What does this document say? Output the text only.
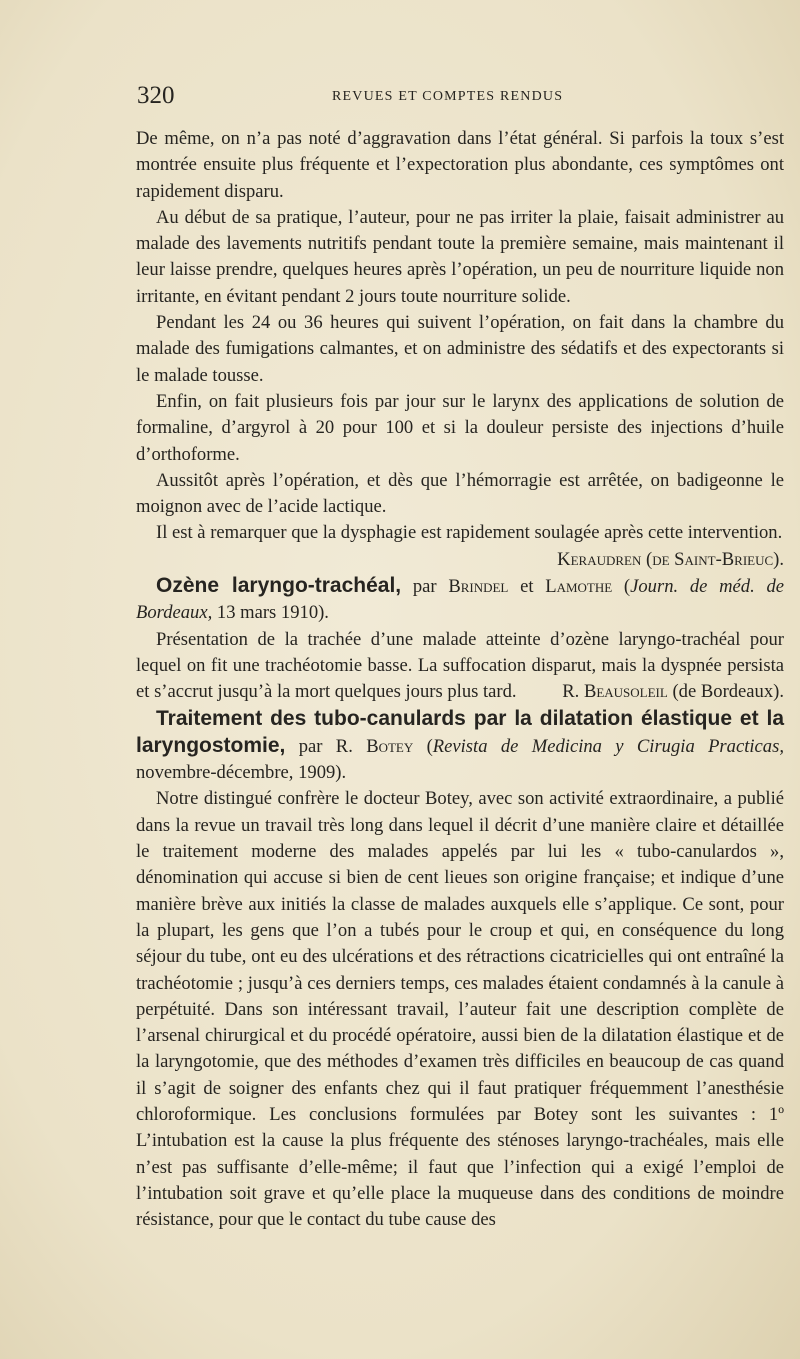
320	REVUES ET COMPTES RENDUS

De même, on n’a pas noté d’aggravation dans l’état général. Si parfois la toux s’est montrée ensuite plus fréquente et l’expectoration plus abondante, ces symptômes ont rapidement disparu.

Au début de sa pratique, l’auteur, pour ne pas irriter la plaie, faisait administrer au malade des lavements nutritifs pendant toute la première semaine, mais maintenant il leur laisse prendre, quelques heures après l’opération, un peu de nourriture liquide non irritante, en évitant pendant 2 jours toute nourriture solide.

Pendant les 24 ou 36 heures qui suivent l’opération, on fait dans la chambre du malade des fumigations calmantes, et on administre des sédatifs et des expectorants si le malade tousse.

Enfin, on fait plusieurs fois par jour sur le larynx des applications de solution de formaline, d’argyrol à 20 pour 100 et si la douleur persiste des injections d’huile d’orthoforme.

Aussitôt après l’opération, et dès que l’hémorragie est arrêtée, on badigeonne le moignon avec de l’acide lactique.

Il est à remarquer que la dysphagie est rapidement soulagée après cette intervention.
Keraudren (de Saint-Brieuc).

Ozène laryngo-trachéal, par Brindel et Lamothe (Journ. de méd. de Bordeaux, 13 mars 1910).

Présentation de la trachée d’une malade atteinte d’ozène laryngo-trachéal pour lequel on fit une trachéotomie basse. La suffocation disparut, mais la dyspnée persista et s’accrut jusqu’à la mort quelques jours plus tard.	R. Beausoleil (de Bordeaux).

Traitement des tubo-canulards par la dilatation élastique et la laryngostomie, par R. Botey (Revista de Medicina y Cirugia Practicas, novembre-décembre, 1909).

Notre distingué confrère le docteur Botey, avec son activité extraordinaire, a publié dans la revue un travail très long dans lequel il décrit d’une manière claire et détaillée le traitement moderne des malades appelés par lui les « tubo-canulardos », dénomination qui accuse si bien de cent lieues son origine française; et indique d’une manière brève aux initiés la classe de malades auxquels elle s’applique. Ce sont, pour la plupart, les gens que l’on a tubés pour le croup et qui, en conséquence du long séjour du tube, ont eu des ulcérations et des rétractions cicatricielles qui ont entraîné la trachéotomie ; jusqu’à ces derniers temps, ces malades étaient condamnés à la canule à perpétuité. Dans son intéressant travail, l’auteur fait une description complète de l’arsenal chirurgical et du procédé opératoire, aussi bien de la dilatation élastique et de la laryngotomie, que des méthodes d’examen très difficiles en beaucoup de cas quand il s’agit de soigner des enfants chez qui il faut pratiquer fréquemment l’anesthésie chloroformique. Les conclusions formulées par Botey sont les suivantes : 1º L’intubation est la cause la plus fréquente des sténoses laryngo-trachéales, mais elle n’est pas suffisante d’elle-même; il faut que l’infection qui a exigé l’emploi de l’intubation soit grave et qu’elle place la muqueuse dans des conditions de moindre résistance, pour que le contact du tube cause des
